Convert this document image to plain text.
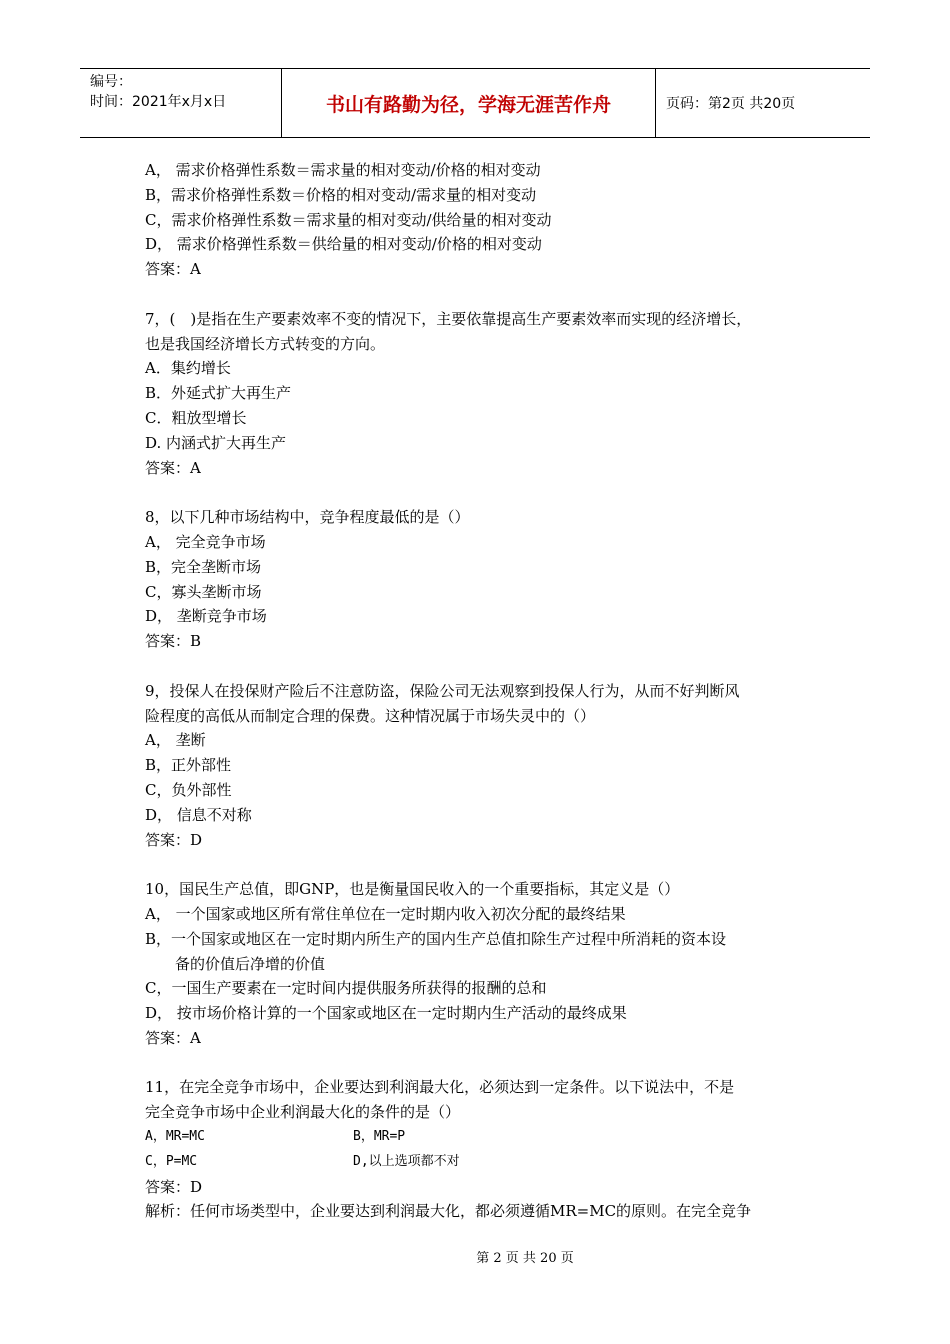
编号：
时间：2021年x月x日	书山有路勤为径，学海无涯苦作舟	页码：第2页 共20页
A， 需求价格弹性系数＝需求量的相对变动/价格的相对变动
B，需求价格弹性系数＝价格的相对变动/需求量的相对变动
C，需求价格弹性系数＝需求量的相对变动/供给量的相对变动
D， 需求价格弹性系数＝供给量的相对变动/价格的相对变动
答案：A
7，(　)是指在生产要素效率不变的情况下，主要依靠提高生产要素效率而实现的经济增长，
也是我国经济增长方式转变的方向。
A．集约增长
B．外延式扩大再生产
C．粗放型增长
D. 内涵式扩大再生产
答案：A
8，以下几种市场结构中，竞争程度最低的是（）
A， 完全竞争市场
B，完全垄断市场
C，寡头垄断市场
D， 垄断竞争市场
答案：B
9，投保人在投保财产险后不注意防盗，保险公司无法观察到投保人行为，从而不好判断风
险程度的高低从而制定合理的保费。这种情况属于市场失灵中的（）
A， 垄断
B，正外部性
C，负外部性
D， 信息不对称
答案：D
10，国民生产总值，即GNP，也是衡量国民收入的一个重要指标，其定义是（）
A， 一个国家或地区所有常住单位在一定时期内收入初次分配的最终结果
B，一个国家或地区在一定时期内所生产的国内生产总值扣除生产过程中所消耗的资本设
备的价值后净增的价值
C，一国生产要素在一定时间内提供服务所获得的报酬的总和
D， 按市场价格计算的一个国家或地区在一定时期内生产活动的最终成果
答案：A
11，在完全竞争市场中，企业要达到利润最大化，必须达到一定条件。以下说法中，不是
完全竞争市场中企业利润最大化的条件的是（）
A，MR=MC	B，MR=P
C，P=MC	D,以上选项都不对
答案：D
解析：任何市场类型中，企业要达到利润最大化，都必须遵循MR=MC的原则。在完全竞争
第 2 页 共 20 页
